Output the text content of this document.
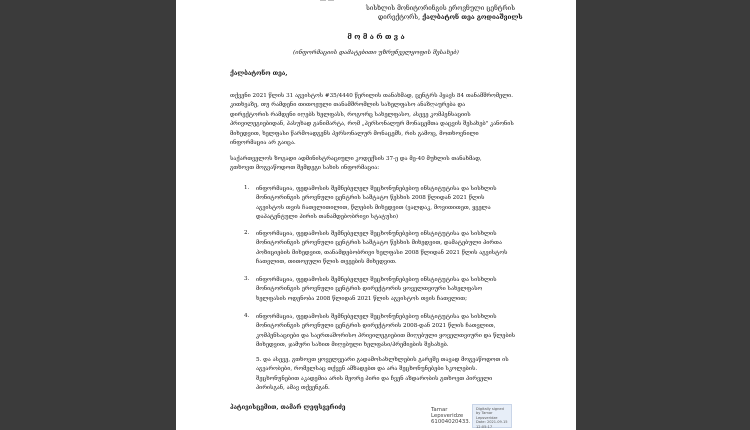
სისხლის მონიტორინგის ეროვნული ცენტრის
დირექტორს, ქალბატონ თეა გოდიაშვილს
მ ო მ ა რ თ ვ ა
(ინფორმაციის დამატებითი უზრუნველყოფის შესახებ)
ქალბატონო თეა,

თქვენი 2021 წლის 31 აგვისტოს #35/4440 წერილის თანახმად, ცენტრს ჰყავს 84 თანამშრომელი.

კითხვაზე, თუ რამდენი თითოეული თანამშრომლის სახელფასო ანაზღაურება და

დირექტორის რამდენი იღებს ხელფასს, როგორც სახელფასო, ასევე კომპენსაციის

პრივილეგიებიდან, პასუხად განიმარტა, რომ „პერსონალურ მონაცემთა დაცვის შესახებ" კანონის

მიხედვით, ხელფასი წარმოადგენს პერსონალურ მონაცემს, რის გამოც, მოთხოვნილი

ინფორმაცია არ გაიცა.

საქართველოს ზოგადი ადმინისტრაციული კოდექსის 37-ე და მე-40 მუხლის თანახმად,

გთხოვთ მოგვაწოდოთ შემდეგი სახის ინფორმაცია:

1. ინფორმაცია, ფედამოსის შემნებელელ შეცხონუნებებიუ ინსტიტუტისა და სისხლის

მონიტორინგის ეროვნული ცენტრის საშტატო წესხის 2008 წლიდან 2021 წლის

აგვისტოს თვის ჩათვლითილით, წლების მიხედვით (ვალდაკ, მოვითითეთ, ყველა

დაპატენტული პირის თანამდებობრივი სტატუსი)

2. ინფორმაცია, ფედამოსის შემნებელელ შეცხონუნებებიუ ინსტიტუტისა და სისხლის

მონიტორინგის ეროვნული ცენტრის საშტატო წესხის მიხედვით, დამატებული პირთა

პოზიციების მიხედვით, თანამდებობრივი ხელფასი 2008 წლიდან 2021 წლის აგვისტოს

ჩათვლით, თითოეული წლის თვეების მიხედვით.

3. ინფორმაცია, ფედამოსის შემნებელელ შეცხონუნებებიუ ინსტიტუტისა და სისხლის

მონიტორინგის ეროვნული ცენტრის დირექტორის ყოველთვიური სახელფასო

ხელფასის ოდენობა 2008 წლიდან 2021 წლის აგვისტოს თვის ჩათვლით;

4. ინფორმაცია, ფედამოსის შემნებელელ შეცხონუნებებიუ ინსტიტუტისა და სისხლის

მონიტორინგის ეროვნული ცენტრის დირექტორის 2008-დან 2021 წლის ჩათვლით,

კომპენსაციები და საერთაშორისო პრივილეგიებით მიღებული ყოველთვიური და წლების

მიხედვით, ჯამური სახით მიღებული ხელფასი/პრემიების შესახებ.

5. და ასევე, გთხოვთ ყოველვეარი გადამოსახლხლების გარეშე თავად მოგვაწოდოთ ის

აგვარობები, რომელსაც თქვენ ამზადებთ და არა შეცხონუნებები სკოლების.

შეცხონუნებით აკადემია არის მეორე პირი და ჩვენ აზდარობის გთხოვთ პირველი

პირისგან, ამავ თქვენგან.

პატივისცემით, თამარ ლეფსვერიძე	Tamar
Lepsveridze
61004020433.
Digitally signed
by Tamar
Lepsveridze
Date: 2021.09.15
12:05:17
